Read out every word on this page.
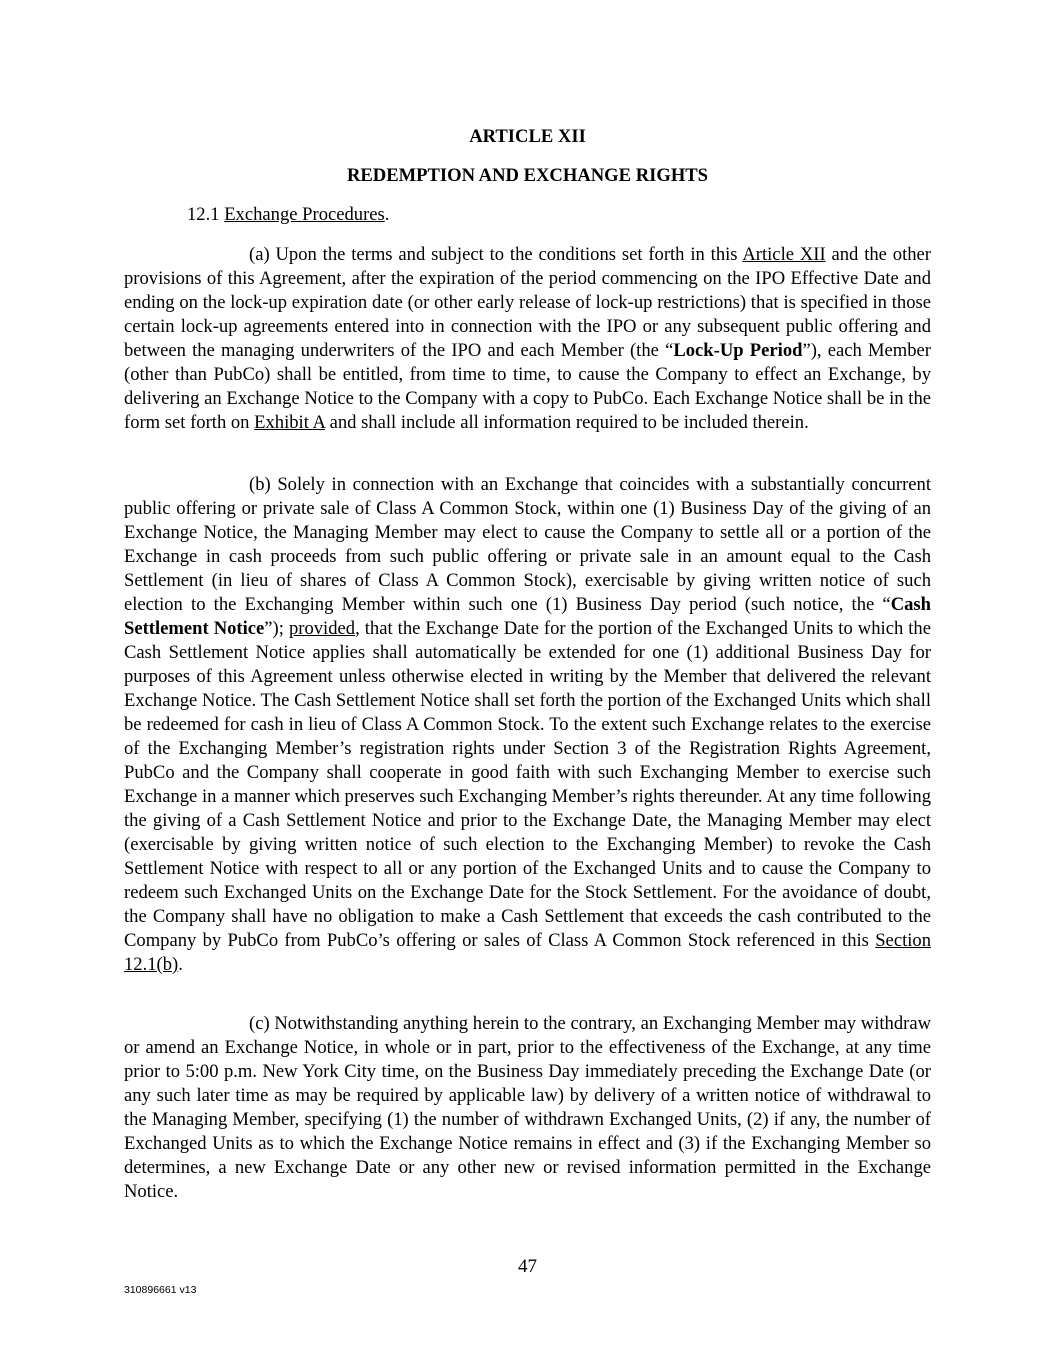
ARTICLE XII

REDEMPTION AND EXCHANGE RIGHTS

12.1 Exchange Procedures.

(a) Upon the terms and subject to the conditions set forth in this Article XII and the other provisions of this Agreement, after the expiration of the period commencing on the IPO Effective Date and ending on the lock-up expiration date (or other early release of lock-up restrictions) that is specified in those certain lock-up agreements entered into in connection with the IPO or any subsequent public offering and between the managing underwriters of the IPO and each Member (the “Lock-Up Period”), each Member (other than PubCo) shall be entitled, from time to time, to cause the Company to effect an Exchange, by delivering an Exchange Notice to the Company with a copy to PubCo. Each Exchange Notice shall be in the form set forth on Exhibit A and shall include all information required to be included therein.

(b) Solely in connection with an Exchange that coincides with a substantially concurrent public offering or private sale of Class A Common Stock, within one (1) Business Day of the giving of an Exchange Notice, the Managing Member may elect to cause the Company to settle all or a portion of the Exchange in cash proceeds from such public offering or private sale in an amount equal to the Cash Settlement (in lieu of shares of Class A Common Stock), exercisable by giving written notice of such election to the Exchanging Member within such one (1) Business Day period (such notice, the “Cash Settlement Notice”); provided, that the Exchange Date for the portion of the Exchanged Units to which the Cash Settlement Notice applies shall automatically be extended for one (1) additional Business Day for purposes of this Agreement unless otherwise elected in writing by the Member that delivered the relevant Exchange Notice. The Cash Settlement Notice shall set forth the portion of the Exchanged Units which shall be redeemed for cash in lieu of Class A Common Stock. To the extent such Exchange relates to the exercise of the Exchanging Member’s registration rights under Section 3 of the Registration Rights Agreement, PubCo and the Company shall cooperate in good faith with such Exchanging Member to exercise such Exchange in a manner which preserves such Exchanging Member’s rights thereunder. At any time following the giving of a Cash Settlement Notice and prior to the Exchange Date, the Managing Member may elect (exercisable by giving written notice of such election to the Exchanging Member) to revoke the Cash Settlement Notice with respect to all or any portion of the Exchanged Units and to cause the Company to redeem such Exchanged Units on the Exchange Date for the Stock Settlement. For the avoidance of doubt, the Company shall have no obligation to make a Cash Settlement that exceeds the cash contributed to the Company by PubCo from PubCo’s offering or sales of Class A Common Stock referenced in this Section 12.1(b).

(c) Notwithstanding anything herein to the contrary, an Exchanging Member may withdraw or amend an Exchange Notice, in whole or in part, prior to the effectiveness of the Exchange, at any time prior to 5:00 p.m. New York City time, on the Business Day immediately preceding the Exchange Date (or any such later time as may be required by applicable law) by delivery of a written notice of withdrawal to the Managing Member, specifying (1) the number of withdrawn Exchanged Units, (2) if any, the number of Exchanged Units as to which the Exchange Notice remains in effect and (3) if the Exchanging Member so determines, a new Exchange Date or any other new or revised information permitted in the Exchange Notice.

47

310896661 v13
